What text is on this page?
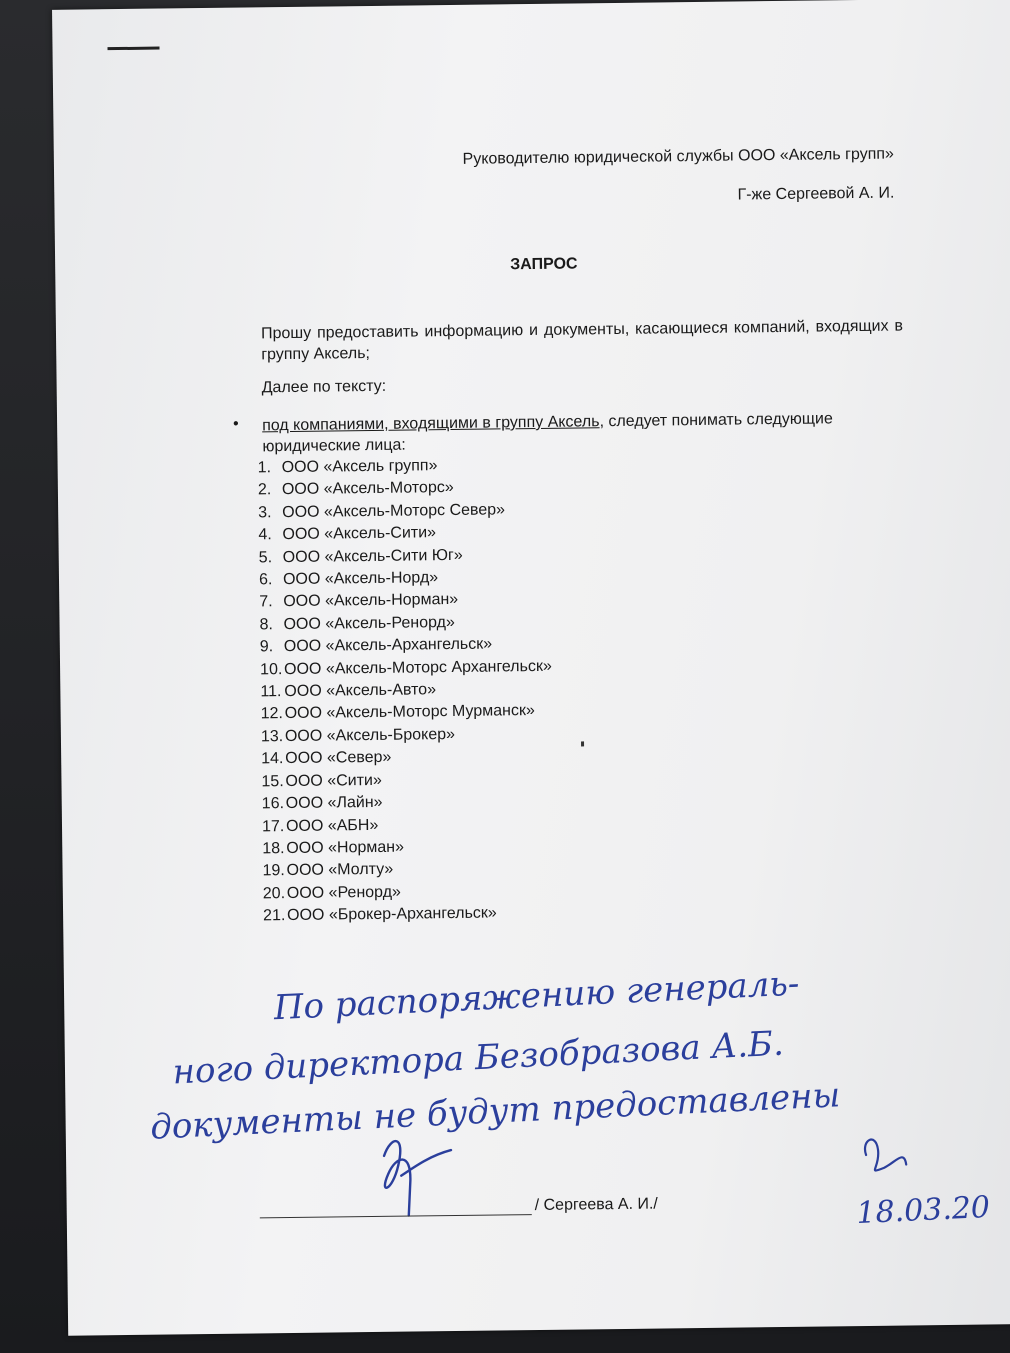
Руководителю юридической службы ООО «Аксель групп»
Г-же Сергеевой А. И.
ЗАПРОС
Прошу предоставить информацию и документы, касающиеся компаний, входящих в группу Аксель;
Далее по тексту:
• под компаниями, входящими в группу Аксель, следует понимать следующие юридические лица:
1. ООО «Аксель групп»
2. ООО «Аксель-Моторс»
3. ООО «Аксель-Моторс Север»
4. ООО «Аксель-Сити»
5. ООО «Аксель-Сити Юг»
6. ООО «Аксель-Норд»
7. ООО «Аксель-Норман»
8. ООО «Аксель-Ренорд»
9. ООО «Аксель-Архангельск»
10. ООО «Аксель-Моторс Архангельск»
11. ООО «Аксель-Авто»
12. ООО «Аксель-Моторс Мурманск»
13. ООО «Аксель-Брокер»
14. ООО «Север»
15. ООО «Сити»
16. ООО «Лайн»
17. ООО «АБН»
18. ООО «Норман»
19. ООО «Молту»
20. ООО «Ренорд»
21. ООО «Брокер-Архангельск»
По распоряжению генераль-
ного директора Безобразова А.Б.
документы не будут предоставлены
18.03.20
/ Сергеева А. И./
